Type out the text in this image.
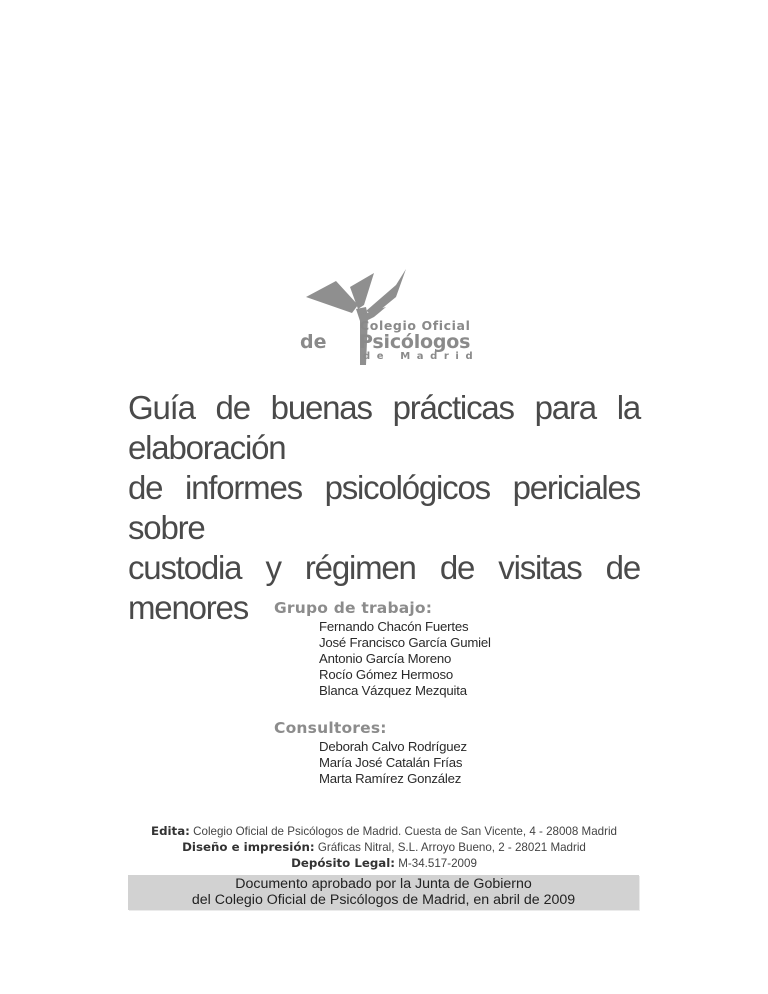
Colegio Oficial
de Psicólogos
de Madrid
Guía de buenas prácticas para la elaboración
de informes psicológicos periciales sobre
custodia y régimen de visitas de menores	Grupo de trabajo:
Fernando Chacón Fuertes
José Francisco García Gumiel
Antonio García Moreno
Rocío Gómez Hermoso
Blanca Vázquez Mezquita
Consultores:
Deborah Calvo Rodríguez
María José Catalán Frías
Marta Ramírez González
Edita: Colegio Oficial de Psicólogos de Madrid. Cuesta de San Vicente, 4 - 28008 Madrid
Diseño e impresión: Gráficas Nitral, S.L. Arroyo Bueno, 2 - 28021 Madrid
Depósito Legal: M-34.517-2009
Documento aprobado por la Junta de Gobierno
del Colegio Oficial de Psicólogos de Madrid, en abril de 2009
